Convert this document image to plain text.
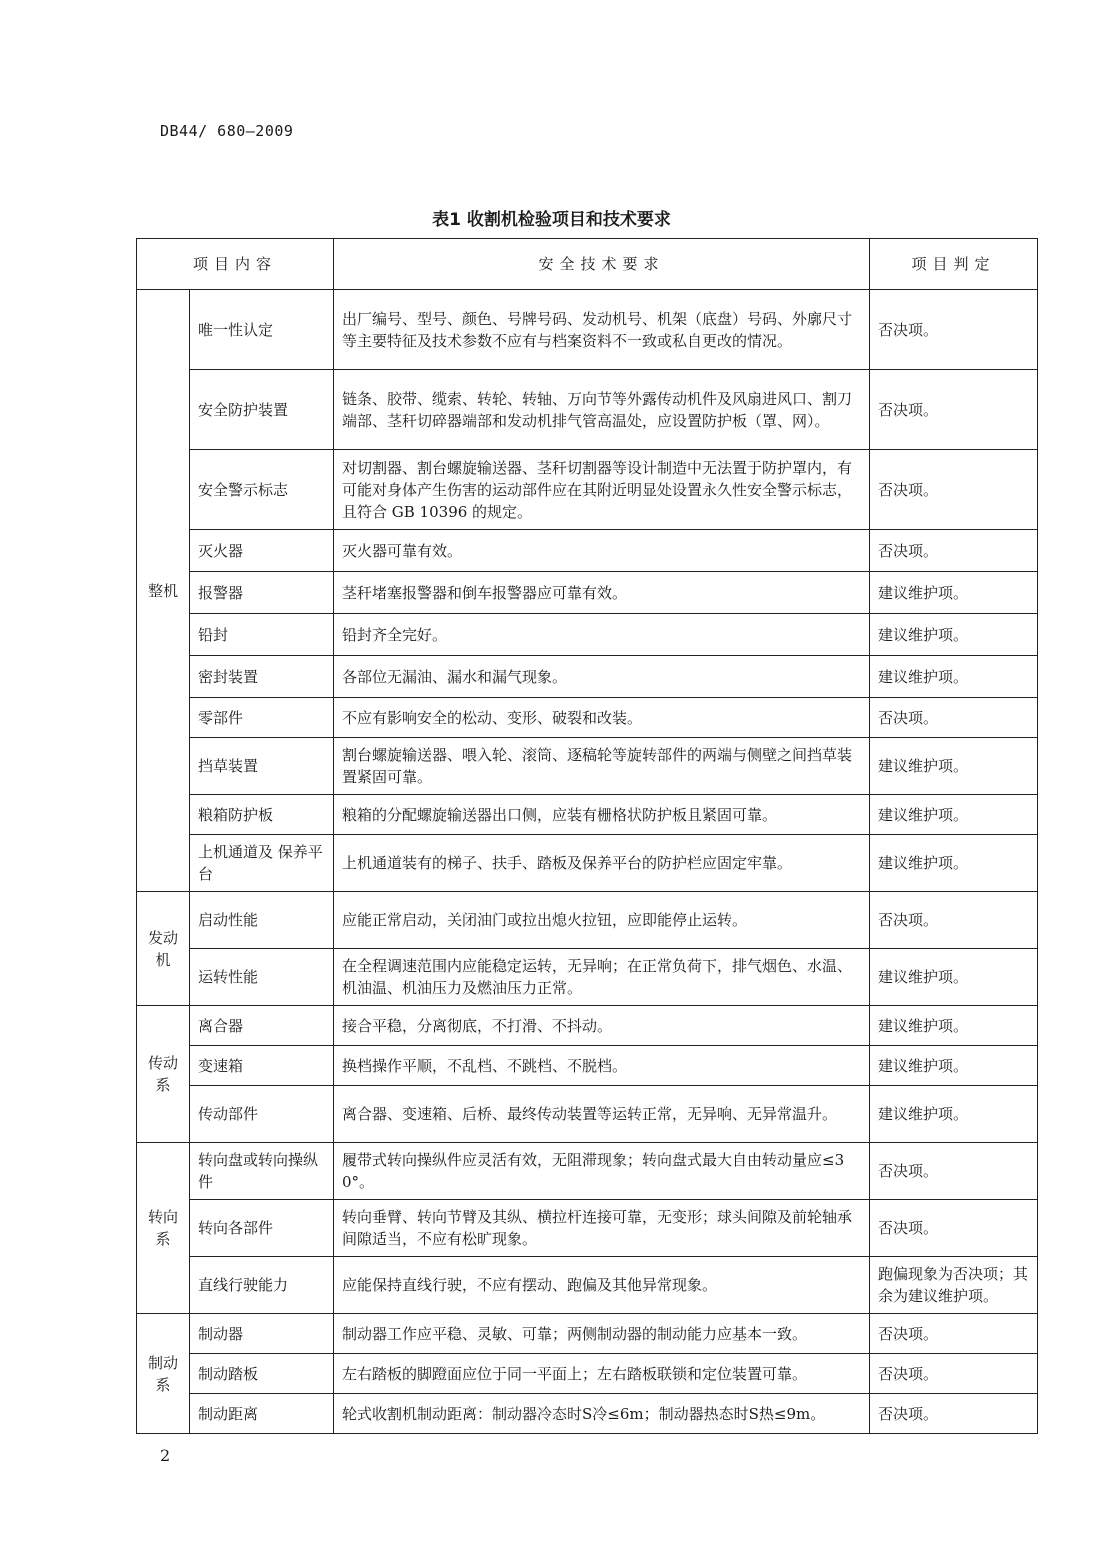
DB44/ 680—2009
表1 收割机检验项目和技术要求
项目内容		安全技术要求	项目判定
整机	唯一性认定	出厂编号、型号、颜色、号牌号码、发动机号、机架（底盘）号码、外廓尺寸等主要特征及技术参数不应有与档案资料不一致或私自更改的情况。	否决项。
	安全防护装置	链条、胶带、缆索、转轮、转轴、万向节等外露传动机件及风扇进风口、割刀端部、茎秆切碎器端部和发动机排气管高温处，应设置防护板（罩、网）。	否决项。
	安全警示标志	对切割器、割台螺旋输送器、茎秆切割器等设计制造中无法置于防护罩内，有可能对身体产生伤害的运动部件应在其附近明显处设置永久性安全警示标志，且符合 GB 10396 的规定。	否决项。
	灭火器	灭火器可靠有效。	否决项。
	报警器	茎秆堵塞报警器和倒车报警器应可靠有效。	建议维护项。
	铅封	铅封齐全完好。	建议维护项。
	密封装置	各部位无漏油、漏水和漏气现象。	建议维护项。
	零部件	不应有影响安全的松动、变形、破裂和改装。	否决项。
	挡草装置	割台螺旋输送器、喂入轮、滚筒、逐稿轮等旋转部件的两端与侧壁之间挡草装置紧固可靠。	建议维护项。
	粮箱防护板	粮箱的分配螺旋输送器出口侧，应装有栅格状防护板且紧固可靠。	建议维护项。
	上机通道及 保养平台	上机通道装有的梯子、扶手、踏板及保养平台的防护栏应固定牢靠。	建议维护项。
发动机	启动性能	应能正常启动，关闭油门或拉出熄火拉钮，应即能停止运转。	否决项。
	运转性能	在全程调速范围内应能稳定运转，无异响；在正常负荷下，排气烟色、水温、机油温、机油压力及燃油压力正常。	建议维护项。
传动系	离合器	接合平稳，分离彻底，不打滑、不抖动。	建议维护项。
	变速箱	换档操作平顺，不乱档、不跳档、不脱档。	建议维护项。
	传动部件	离合器、变速箱、后桥、最终传动装置等运转正常，无异响、无异常温升。	建议维护项。
转向系	转向盘或转向操纵件	履带式转向操纵件应灵活有效，无阻滞现象；转向盘式最大自由转动量应≤30°。	否决项。
	转向各部件	转向垂臂、转向节臂及其纵、横拉杆连接可靠，无变形；球头间隙及前轮轴承间隙适当，不应有松旷现象。	否决项。
	直线行驶能力	应能保持直线行驶，不应有摆动、跑偏及其他异常现象。	跑偏现象为否决项；其余为建议维护项。
制动系	制动器	制动器工作应平稳、灵敏、可靠；两侧制动器的制动能力应基本一致。	否决项。
	制动踏板	左右踏板的脚蹬面应位于同一平面上；左右踏板联锁和定位装置可靠。	否决项。
	制动距离	轮式收割机制动距离：制动器冷态时S冷≤6m；制动器热态时S热≤9m。	否决项。
2
